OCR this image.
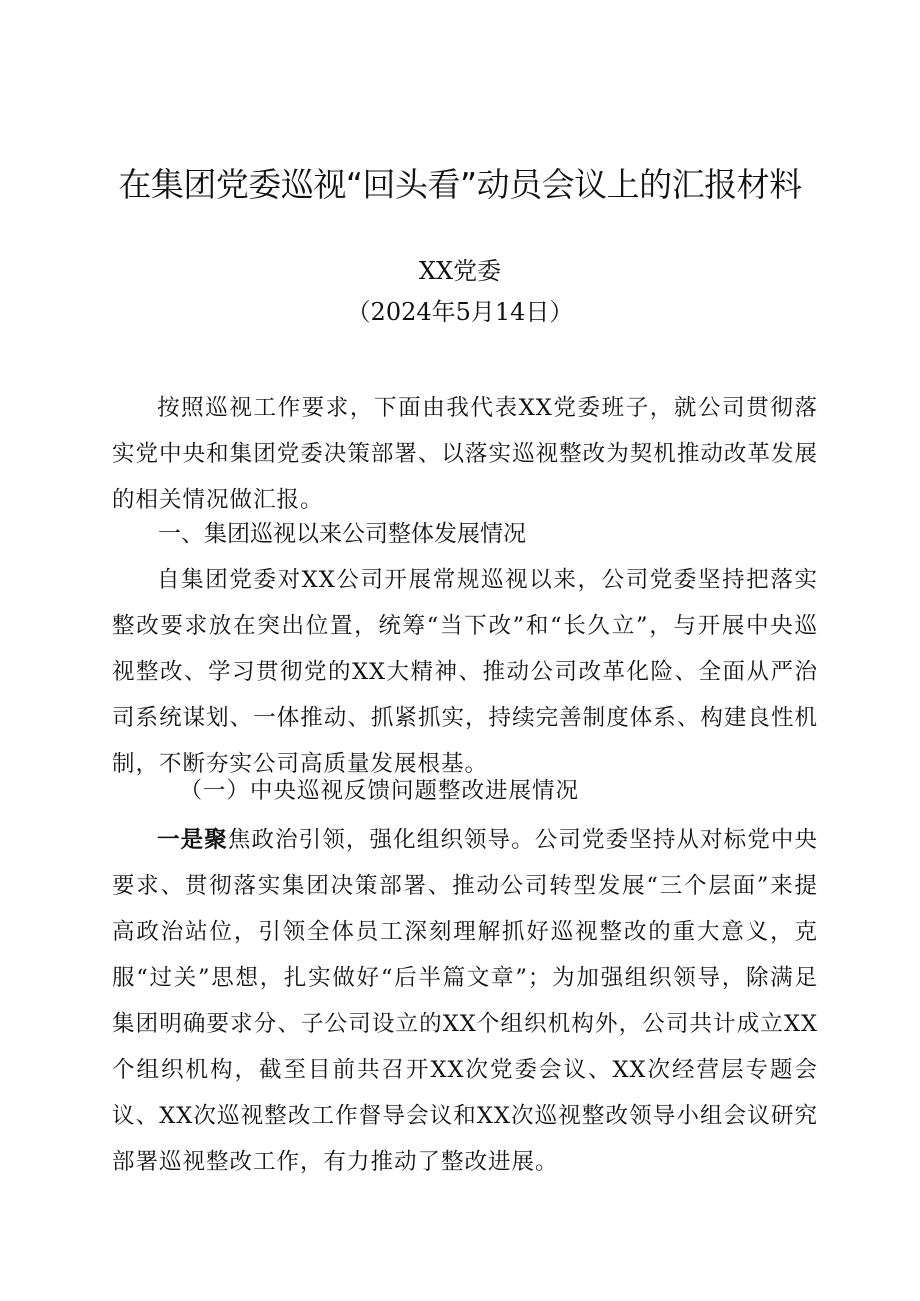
在集团党委巡视“回头看”动员会议上的汇报材料
XX党委
（2024年5月14日）

按照巡视工作要求，下面由我代表XX党委班子，就公司贯彻落实党中央和集团党委决策部署、以落实巡视整改为契机推动改革发展的相关情况做汇报。

一、集团巡视以来公司整体发展情况

自集团党委对XX公司开展常规巡视以来，公司党委坚持把落实整改要求放在突出位置，统筹“当下改”和“长久立”，与开展中央巡视整改、学习贯彻党的XX大精神、推动公司改革化险、全面从严治司系统谋划、一体推动、抓紧抓实，持续完善制度体系、构建良性机制，不断夯实公司高质量发展根基。

（一）中央巡视反馈问题整改进展情况

一是聚焦政治引领，强化组织领导。公司党委坚持从对标党中央要求、贯彻落实集团决策部署、推动公司转型发展“三个层面”来提高政治站位，引领全体员工深刻理解抓好巡视整改的重大意义，克服“过关”思想，扎实做好“后半篇文章”；为加强组织领导，除满足集团明确要求分、子公司设立的XX个组织机构外，公司共计成立XX个组织机构，截至目前共召开XX次党委会议、XX次经营层专题会议、XX次巡视整改工作督导会议和XX次巡视整改领导小组会议研究部署巡视整改工作，有力推动了整改进展。
